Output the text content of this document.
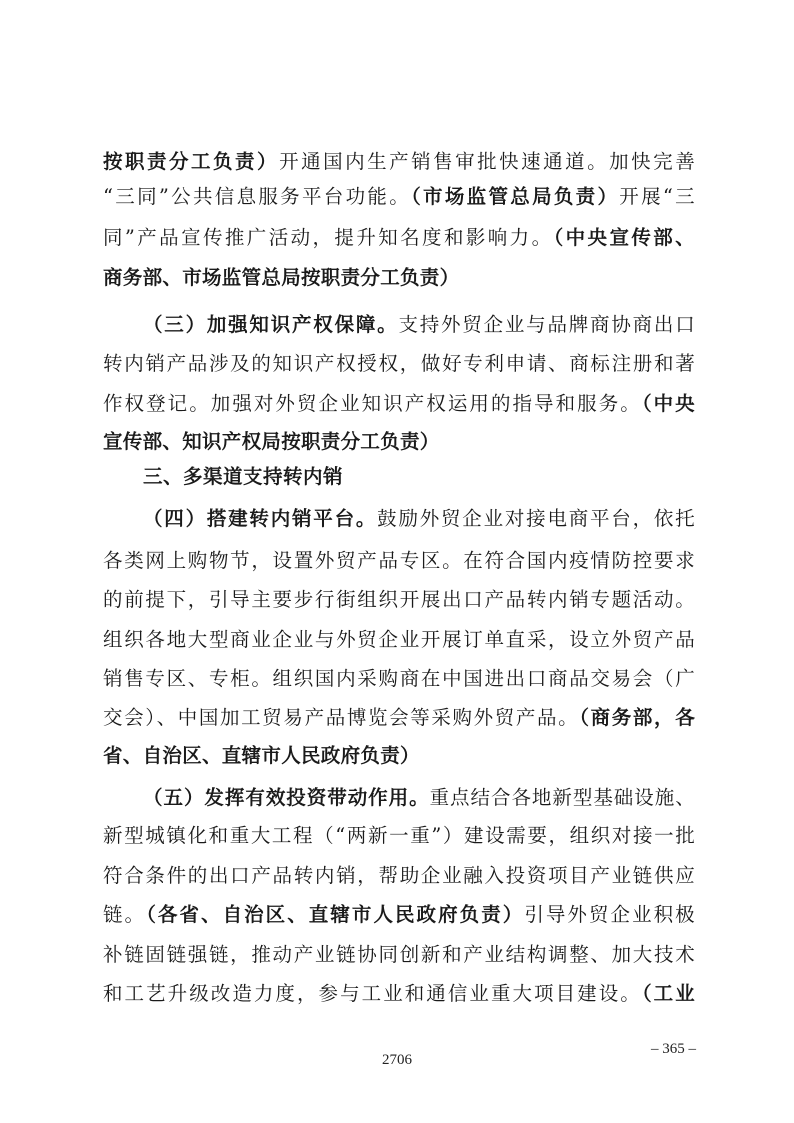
按职责分工负责）开通国内生产销售审批快速通道。加快完善
“三同”公共信息服务平台功能。（市场监管总局负责）开展“三
同”产品宣传推广活动，提升知名度和影响力。（中央宣传部、
商务部、市场监管总局按职责分工负责）
（三）加强知识产权保障。支持外贸企业与品牌商协商出口
转内销产品涉及的知识产权授权，做好专利申请、商标注册和著
作权登记。加强对外贸企业知识产权运用的指导和服务。（中央
宣传部、知识产权局按职责分工负责）
（四）搭建转内销平台。鼓励外贸企业对接电商平台，依托
各类网上购物节，设置外贸产品专区。在符合国内疫情防控要求
的前提下，引导主要步行街组织开展出口产品转内销专题活动。
组织各地大型商业企业与外贸企业开展订单直采，设立外贸产品
销售专区、专柜。组织国内采购商在中国进出口商品交易会（广
交会）、中国加工贸易产品博览会等采购外贸产品。（商务部，各
省、自治区、直辖市人民政府负责）
（五）发挥有效投资带动作用。重点结合各地新型基础设施、
新型城镇化和重大工程（“两新一重”）建设需要，组织对接一批
符合条件的出口产品转内销，帮助企业融入投资项目产业链供应
链。（各省、自治区、直辖市人民政府负责）引导外贸企业积极
补链固链强链，推动产业链协同创新和产业结构调整、加大技术
和工艺升级改造力度，参与工业和通信业重大项目建设。（工业
三、多渠道支持转内销
– 365 –
2706
